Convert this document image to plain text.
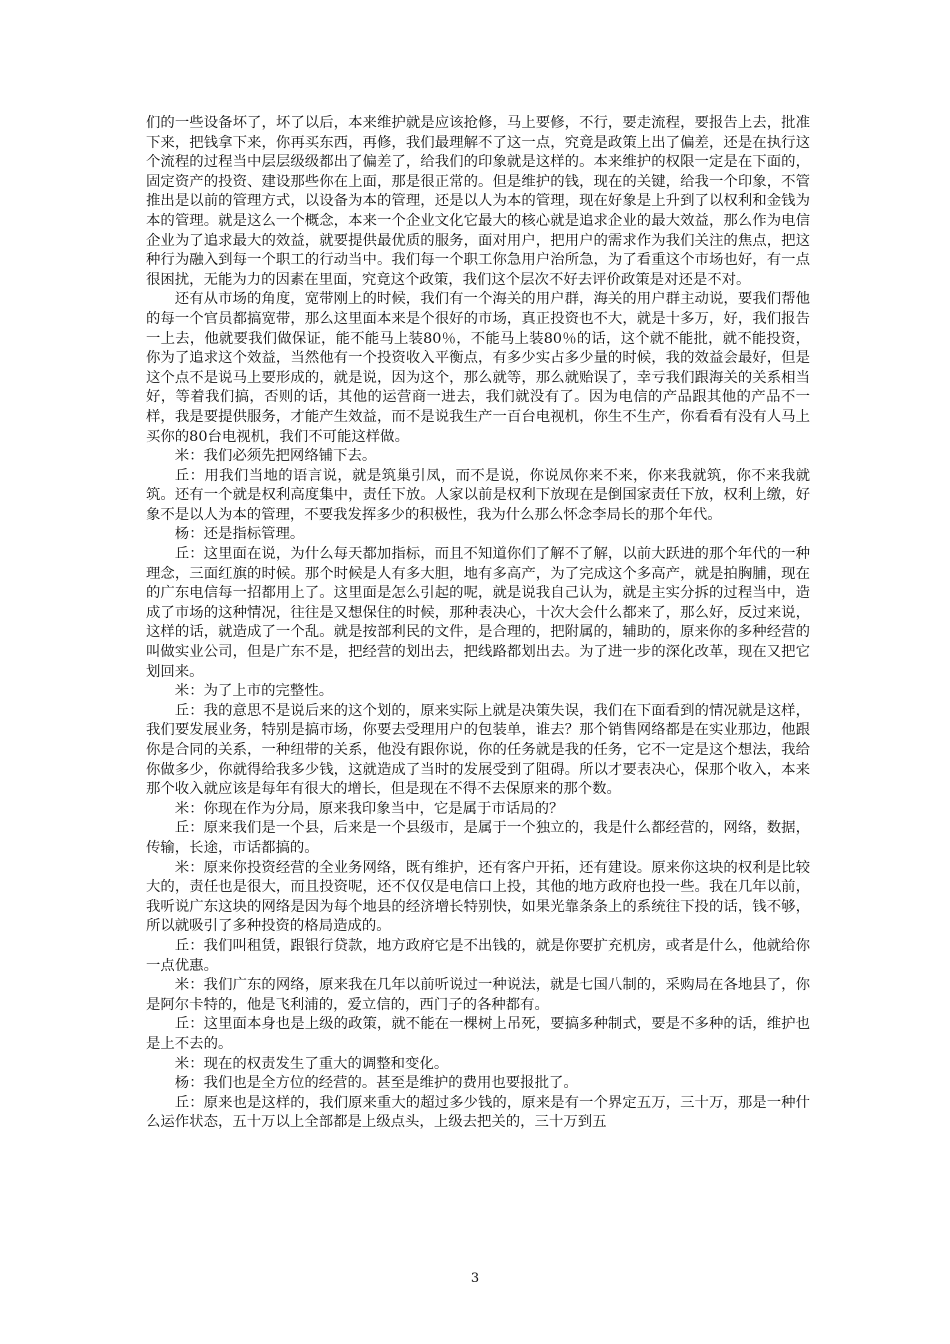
们的一些设备坏了，坏了以后，本来维护就是应该抢修，马上要修，不行，要走流程，要报告上去，批准下来，把钱拿下来，你再买东西，再修，我们最理解不了这一点，究竟是政策上出了偏差，还是在执行这个流程的过程当中层层级级都出了偏差了，给我们的印象就是这样的。本来维护的权限一定是在下面的，固定资产的投资、建设那些你在上面，那是很正常的。但是维护的钱，现在的关键，给我一个印象，不管推出是以前的管理方式，以设备为本的管理，还是以人为本的管理，现在好象是上升到了以权利和金钱为本的管理。就是这么一个概念，本来一个企业文化它最大的核心就是追求企业的最大效益，那么作为电信企业为了追求最大的效益，就要提供最优质的服务，面对用户，把用户的需求作为我们关注的焦点，把这种行为融入到每一个职工的行动当中。我们每一个职工你急用户治所急，为了看重这个市场也好，有一点很困扰，无能为力的因素在里面，究竟这个政策，我们这个层次不好去评价政策是对还是不对。

还有从市场的角度，宽带刚上的时候，我们有一个海关的用户群，海关的用户群主动说，要我们帮他的每一个官员都搞宽带，那么这里面本来是个很好的市场，真正投资也不大，就是十多万，好，我们报告一上去，他就要我们做保证，能不能马上装80％，不能马上装80％的话，这个就不能批，就不能投资，你为了追求这个效益，当然他有一个投资收入平衡点，有多少实占多少量的时候，我的效益会最好，但是这个点不是说马上要形成的，就是说，因为这个，那么就等，那么就贻误了，幸亏我们跟海关的关系相当好，等着我们搞，否则的话，其他的运营商一进去，我们就没有了。因为电信的产品跟其他的产品不一样，我是要提供服务，才能产生效益，而不是说我生产一百台电视机，你生不生产，你看看有没有人马上买你的80台电视机，我们不可能这样做。

米：我们必须先把网络铺下去。

丘：用我们当地的语言说，就是筑巢引凤，而不是说，你说凤你来不来，你来我就筑，你不来我就筑。还有一个就是权利高度集中，责任下放。人家以前是权利下放现在是倒国家责任下放，权利上缴，好象不是以人为本的管理，不要我发挥多少的积极性，我为什么那么怀念李局长的那个年代。

杨：还是指标管理。

丘：这里面在说，为什么每天都加指标，而且不知道你们了解不了解，以前大跃进的那个年代的一种理念，三面红旗的时候。那个时候是人有多大胆，地有多高产，为了完成这个多高产，就是拍胸脯，现在的广东电信每一招都用上了。这里面是怎么引起的呢，就是说我自己认为，就是主实分拆的过程当中，造成了市场的这种情况，往往是又想保住的时候，那种表决心，十次大会什么都来了，那么好，反过来说，这样的话，就造成了一个乱。就是按部利民的文件，是合理的，把附属的，辅助的，原来你的多种经营的叫做实业公司，但是广东不是，把经营的划出去，把线路都划出去。为了进一步的深化改革，现在又把它划回来。

米：为了上市的完整性。

丘：我的意思不是说后来的这个划的，原来实际上就是决策失误，我们在下面看到的情况就是这样，我们要发展业务，特别是搞市场，你要去受理用户的包装单，谁去？那个销售网络都是在实业那边，他跟你是合同的关系，一种纽带的关系，他没有跟你说，你的任务就是我的任务，它不一定是这个想法，我给你做多少，你就得给我多少钱，这就造成了当时的发展受到了阻碍。所以才要表决心，保那个收入，本来那个收入就应该是每年有很大的增长，但是现在不得不去保原来的那个数。

米：你现在作为分局，原来我印象当中，它是属于市话局的？

丘：原来我们是一个县，后来是一个县级市，是属于一个独立的，我是什么都经营的，网络，数据，传输，长途，市话都搞的。

米：原来你投资经营的全业务网络，既有维护，还有客户开拓，还有建设。原来你这块的权利是比较大的，责任也是很大，而且投资呢，还不仅仅是电信口上投，其他的地方政府也投一些。我在几年以前，我听说广东这块的网络是因为每个地县的经济增长特别快，如果光靠条条上的系统往下投的话，钱不够，所以就吸引了多种投资的格局造成的。

丘：我们叫租赁，跟银行贷款，地方政府它是不出钱的，就是你要扩充机房，或者是什么，他就给你一点优惠。

米：我们广东的网络，原来我在几年以前听说过一种说法，就是七国八制的，采购局在各地县了，你是阿尔卡特的，他是飞利浦的，爱立信的，西门子的各种都有。

丘：这里面本身也是上级的政策，就不能在一棵树上吊死，要搞多种制式，要是不多种的话，维护也是上不去的。

米：现在的权责发生了重大的调整和变化。

杨：我们也是全方位的经营的。甚至是维护的费用也要报批了。

丘：原来也是这样的，我们原来重大的超过多少钱的，原来是有一个界定五万，三十万，那是一种什么运作状态，五十万以上全部都是上级点头，上级去把关的，三十万到五

3
